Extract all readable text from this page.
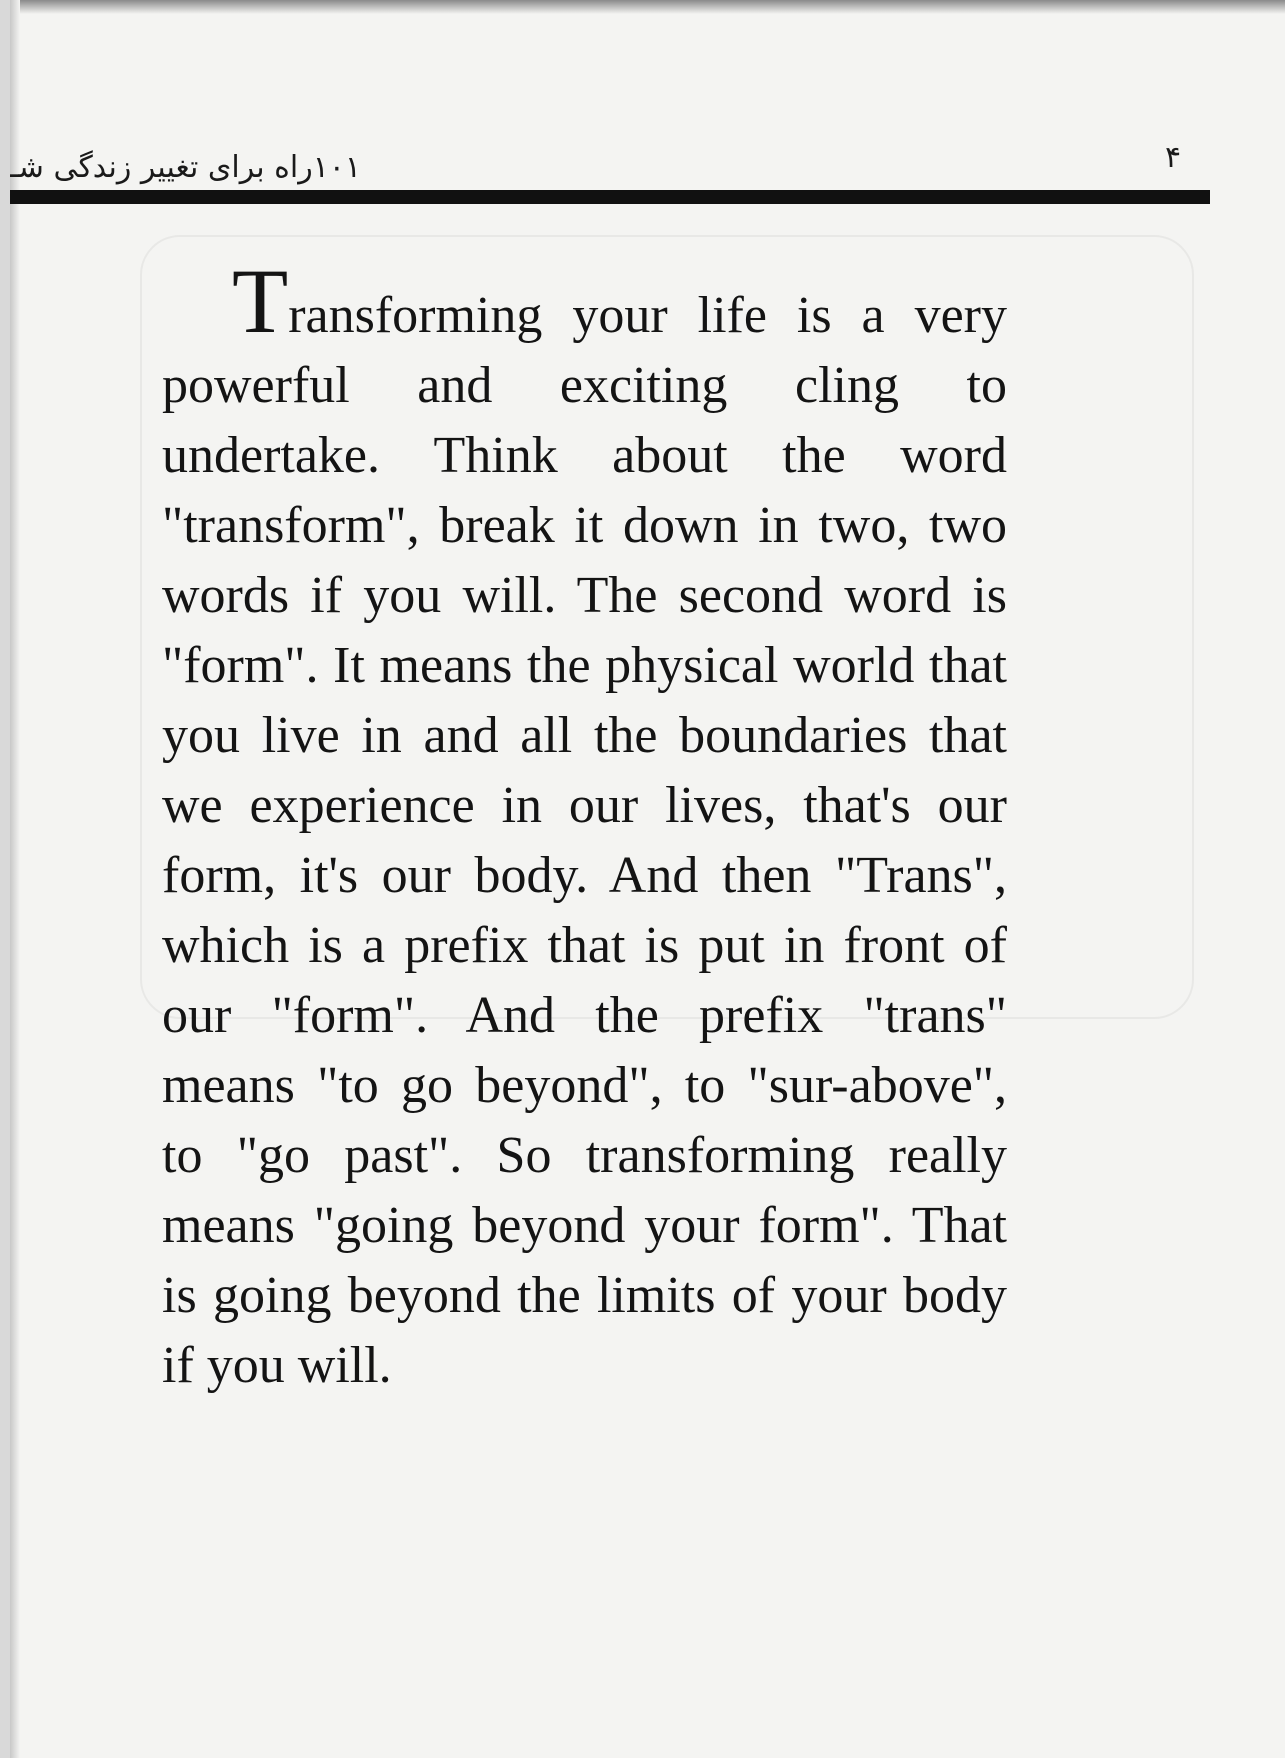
۱۰۱راه برای تغییر زندگی شـ	۴

Transforming your life is a very powerful and exciting cling to undertake. Think about the word "transform", break it down in two, two words if you will. The second word is "form". It means the physical world that you live in and all the boundaries that we experience in our lives, that's our form, it's our body. And then "Trans", which is a prefix that is put in front of our "form". And the prefix "trans" means "to go beyond", to "sur-above", to "go past". So transforming really means "going beyond your form". That is going beyond the limits of your body if you will.
